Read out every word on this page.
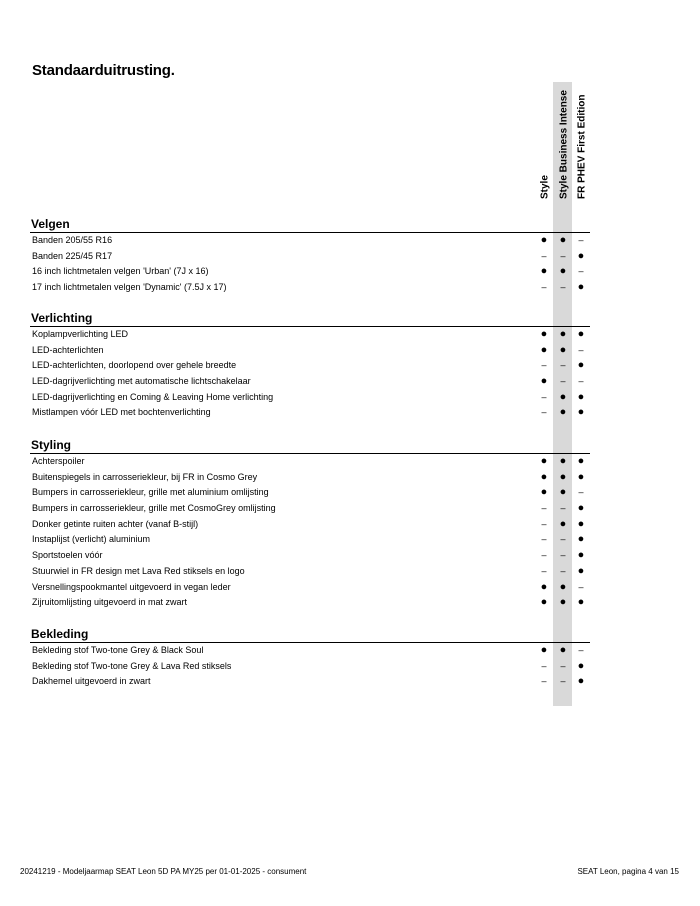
Standaarduitrusting.
Style Style Business Intense FR PHEV First Edition
Velgen
Banden 205/55 R16	●	●	–
Banden 225/45 R17	–	–	●
16 inch lichtmetalen velgen 'Urban' (7J x 16)	●	●	–
17 inch lichtmetalen velgen 'Dynamic' (7.5J x 17)	–	–	●
Verlichting
Koplampverlichting LED	●	●	●
LED-achterlichten	●	●	–
LED-achterlichten, doorlopend over gehele breedte	–	–	●
LED-dagrijverlichting met automatische lichtschakelaar	●	–	–
LED-dagrijverlichting en Coming & Leaving Home verlichting	–	●	●
Mistlampen vóór LED met bochtenverlichting	–	●	●
Styling
Achterspoiler	●	●	●
Buitenspiegels in carrosseriekleur, bij FR in Cosmo Grey	●	●	●
Bumpers in carrosseriekleur, grille met aluminium omlijsting	●	●	–
Bumpers in carrosseriekleur, grille met CosmoGrey omlijsting	–	–	●
Donker getinte ruiten achter (vanaf B-stijl)	–	●	●
Instaplijst (verlicht) aluminium	–	–	●
Sportstoelen vóór	–	–	●
Stuurwiel in FR design met Lava Red stiksels en logo	–	–	●
Versnellingspookmantel uitgevoerd in vegan leder	●	●	–
Zijruitomlijsting uitgevoerd in mat zwart	●	●	●
Bekleding
Bekleding stof Two-tone Grey & Black Soul	●	●	–
Bekleding stof Two-tone Grey & Lava Red stiksels	–	–	●
Dakhemel uitgevoerd in zwart	–	–	●
20241219 - Modeljaarmap SEAT Leon 5D PA MY25 per 01-01-2025 - consument	SEAT Leon, pagina 4 van 15
